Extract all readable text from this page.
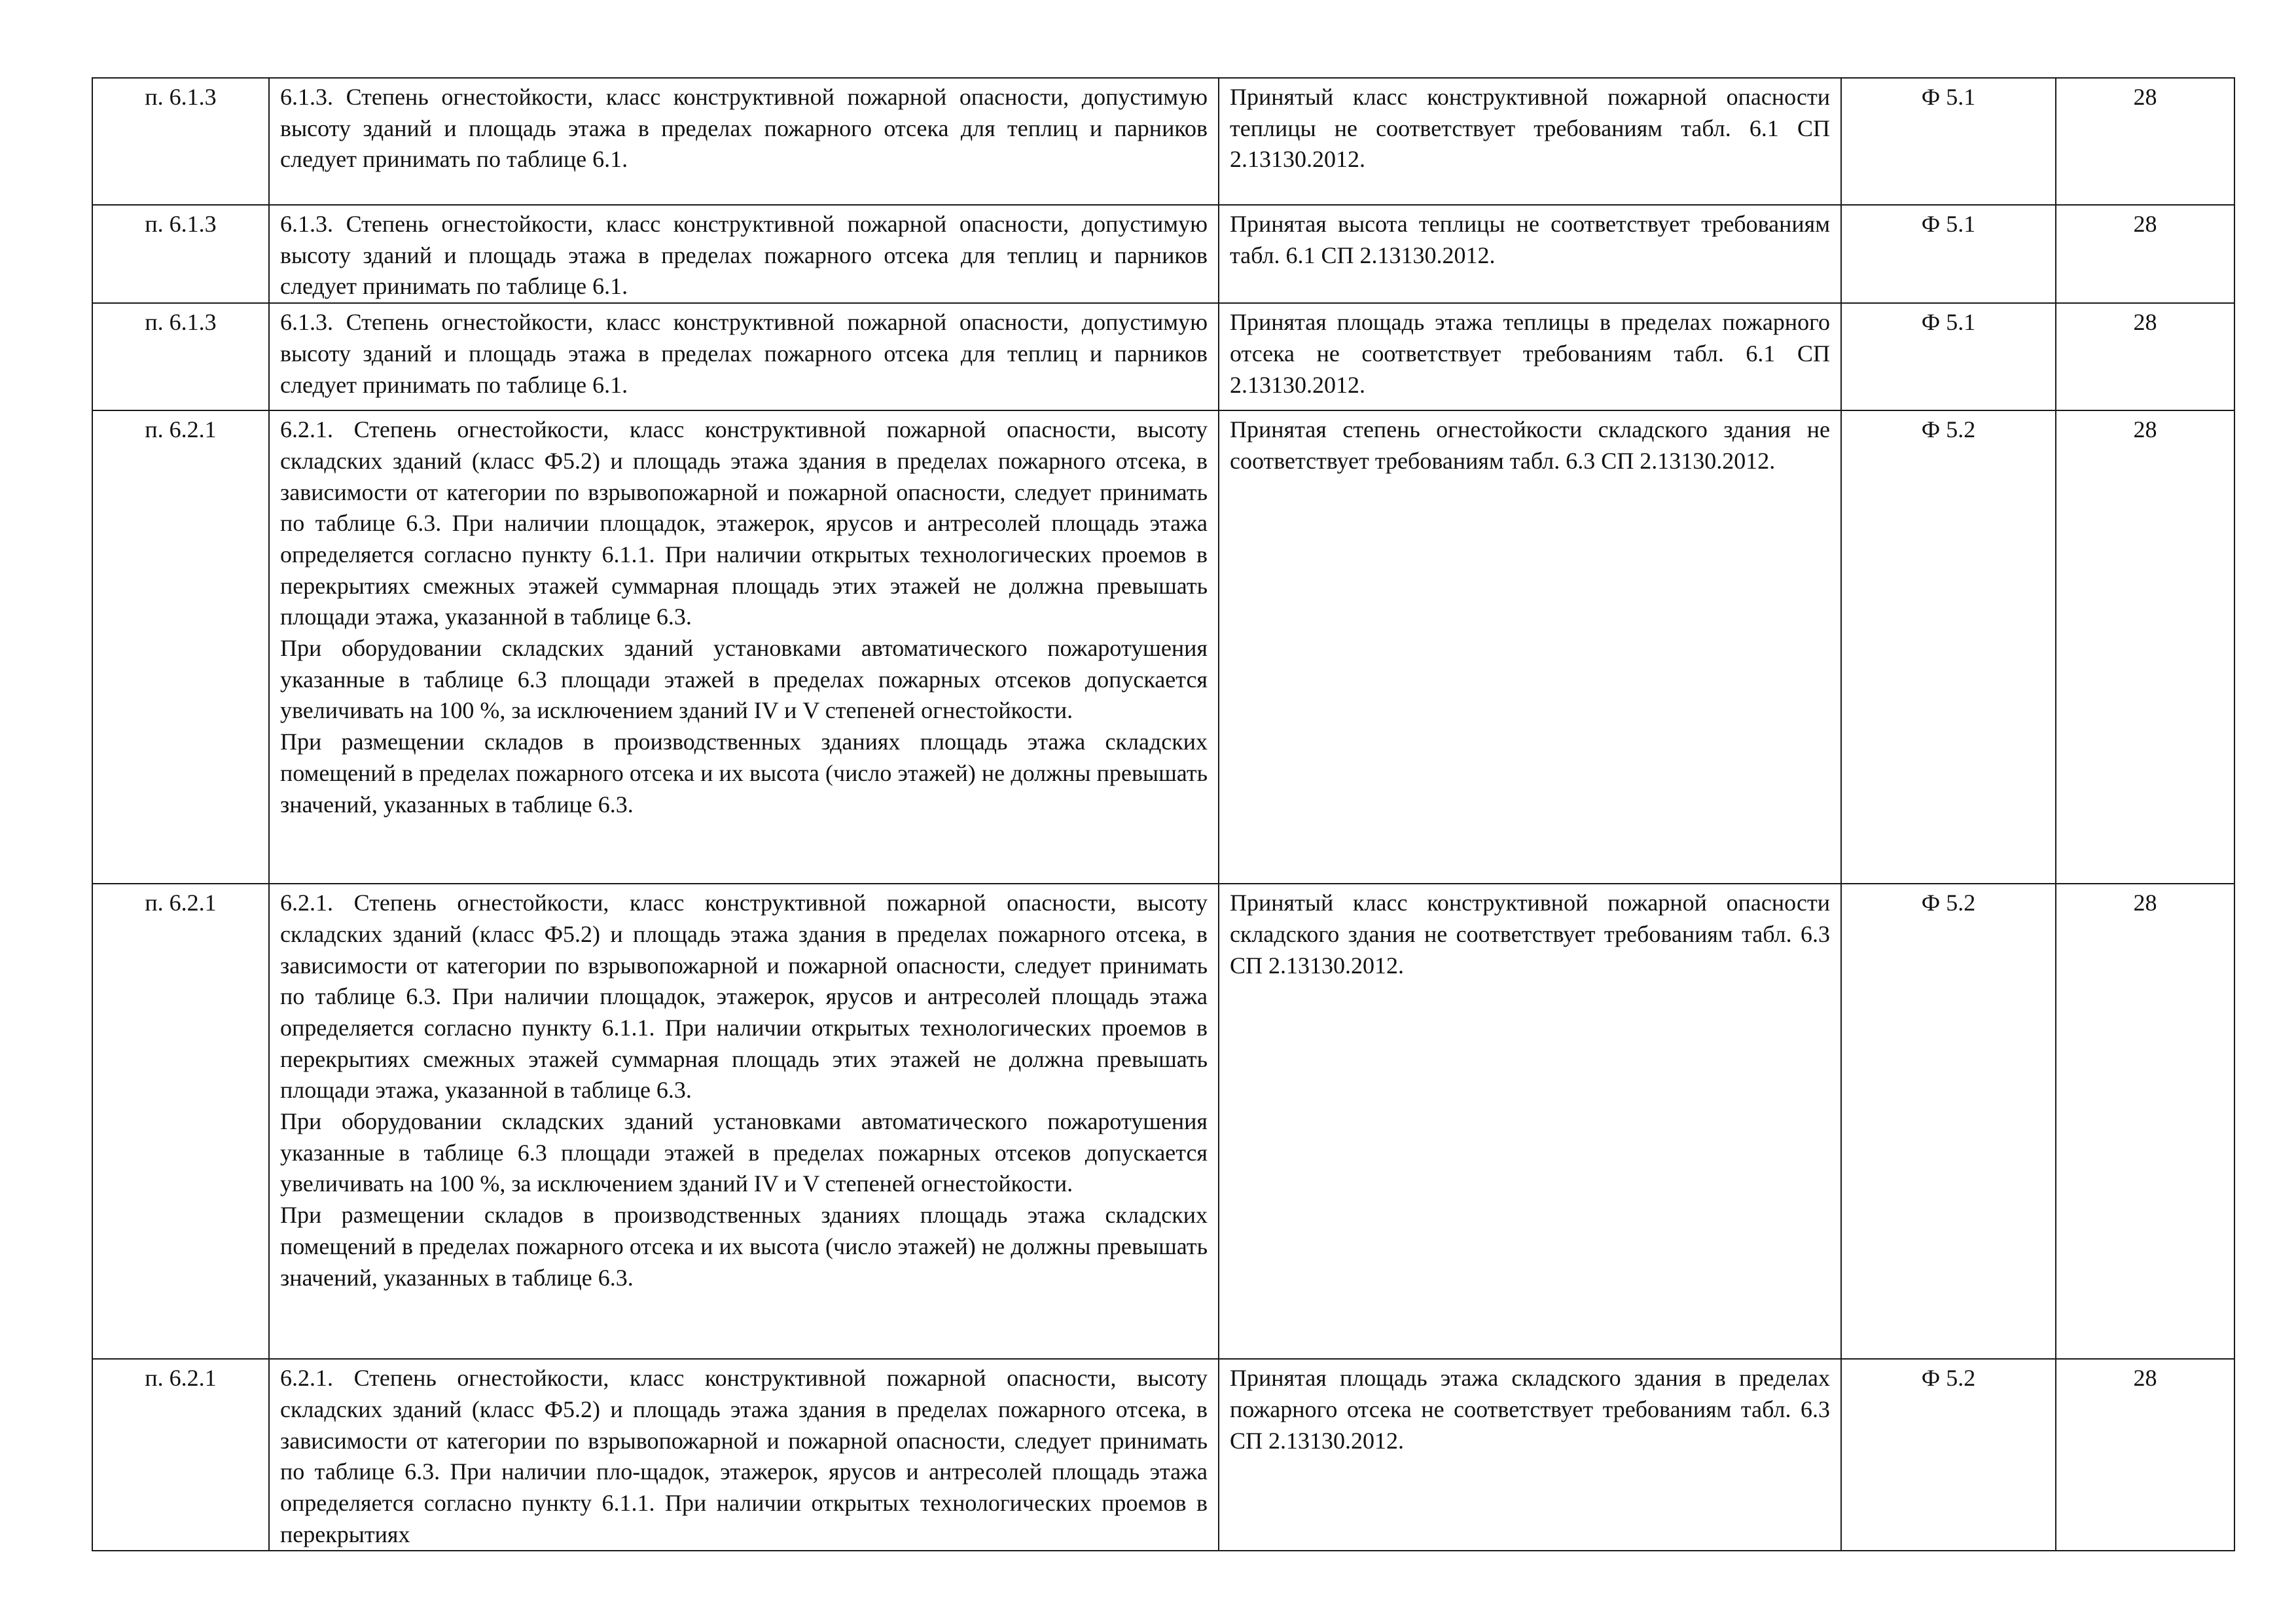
п. 6.1.3	6.1.3. Степень огнестойкости, класс конструктивной пожарной опасности, допустимую высоту зданий и площадь этажа в пределах пожарного отсека для теплиц и парников следует принимать по таблице 6.1.	Принятый класс конструктивной пожарной опасности теплицы не соответствует требованиям табл. 6.1 СП 2.13130.2012.	Ф 5.1	28
п. 6.1.3	6.1.3. Степень огнестойкости, класс конструктивной пожарной опасности, допустимую высоту зданий и площадь этажа в пределах пожарного отсека для теплиц и парников следует принимать по таблице 6.1.	Принятая высота теплицы не соответствует требованиям табл. 6.1 СП 2.13130.2012.	Ф 5.1	28
п. 6.1.3	6.1.3. Степень огнестойкости, класс конструктивной пожарной опасности, допустимую высоту зданий и площадь этажа в пределах пожарного отсека для теплиц и парников следует принимать по таблице 6.1.	Принятая площадь этажа теплицы в пределах пожарного отсека не соответствует требованиям табл. 6.1 СП 2.13130.2012.	Ф 5.1	28
п. 6.2.1	6.2.1. Степень огнестойкости, класс конструктивной пожарной опасности, высоту складских зданий (класс Ф5.2) и площадь этажа здания в пределах пожарного отсека, в зависимости от категории по взрывопожарной и пожарной опасности, следует принимать по таблице 6.3. При наличии площадок, этажерок, ярусов и антресолей площадь этажа определяется согласно пункту 6.1.1. При наличии открытых технологических проемов в перекрытиях смежных этажей суммарная площадь этих этажей не должна превышать площади этажа, указанной в таблице 6.3.

При оборудовании складских зданий установками автоматического пожаротушения указанные в таблице 6.3 площади этажей в пределах пожарных отсеков допускается увеличивать на 100 %, за исключением зданий IV и V степеней огнестойкости.

При размещении складов в производственных зданиях площадь этажа складских помещений в пределах пожарного отсека и их высота (число этажей) не должны превышать значений, указанных в таблице 6.3.	Принятая степень огнестойкости складского здания не соответствует требованиям табл. 6.3 СП 2.13130.2012.	Ф 5.2	28
п. 6.2.1	6.2.1. Степень огнестойкости, класс конструктивной пожарной опасности, высоту складских зданий (класс Ф5.2) и площадь этажа здания в пределах пожарного отсека, в зависимости от категории по взрывопожарной и пожарной опасности, следует принимать по таблице 6.3. При наличии площадок, этажерок, ярусов и антресолей площадь этажа определяется согласно пункту 6.1.1. При наличии открытых технологических проемов в перекрытиях смежных этажей суммарная площадь этих этажей не должна превышать площади этажа, указанной в таблице 6.3.

При оборудовании складских зданий установками автоматического пожаротушения указанные в таблице 6.3 площади этажей в пределах пожарных отсеков допускается увеличивать на 100 %, за исключением зданий IV и V степеней огнестойкости.

При размещении складов в производственных зданиях площадь этажа складских помещений в пределах пожарного отсека и их высота (число этажей) не должны превышать значений, указанных в таблице 6.3.	Принятый класс конструктивной пожарной опасности складского здания не соответствует требованиям табл. 6.3 СП 2.13130.2012.	Ф 5.2	28
п. 6.2.1	6.2.1. Степень огнестойкости, класс конструктивной пожарной опасности, высоту складских зданий (класс Ф5.2) и площадь этажа здания в пределах пожарного отсека, в зависимости от категории по взрывопожарной и пожарной опасности, следует принимать по таблице 6.3. При наличии пло-щадок, этажерок, ярусов и антресолей площадь этажа определяется согласно пункту 6.1.1. При наличии открытых технологических проемов в перекрытиях	Принятая площадь этажа складского здания в пределах пожарного отсека не соответствует требованиям табл. 6.3 СП 2.13130.2012.	Ф 5.2	28
